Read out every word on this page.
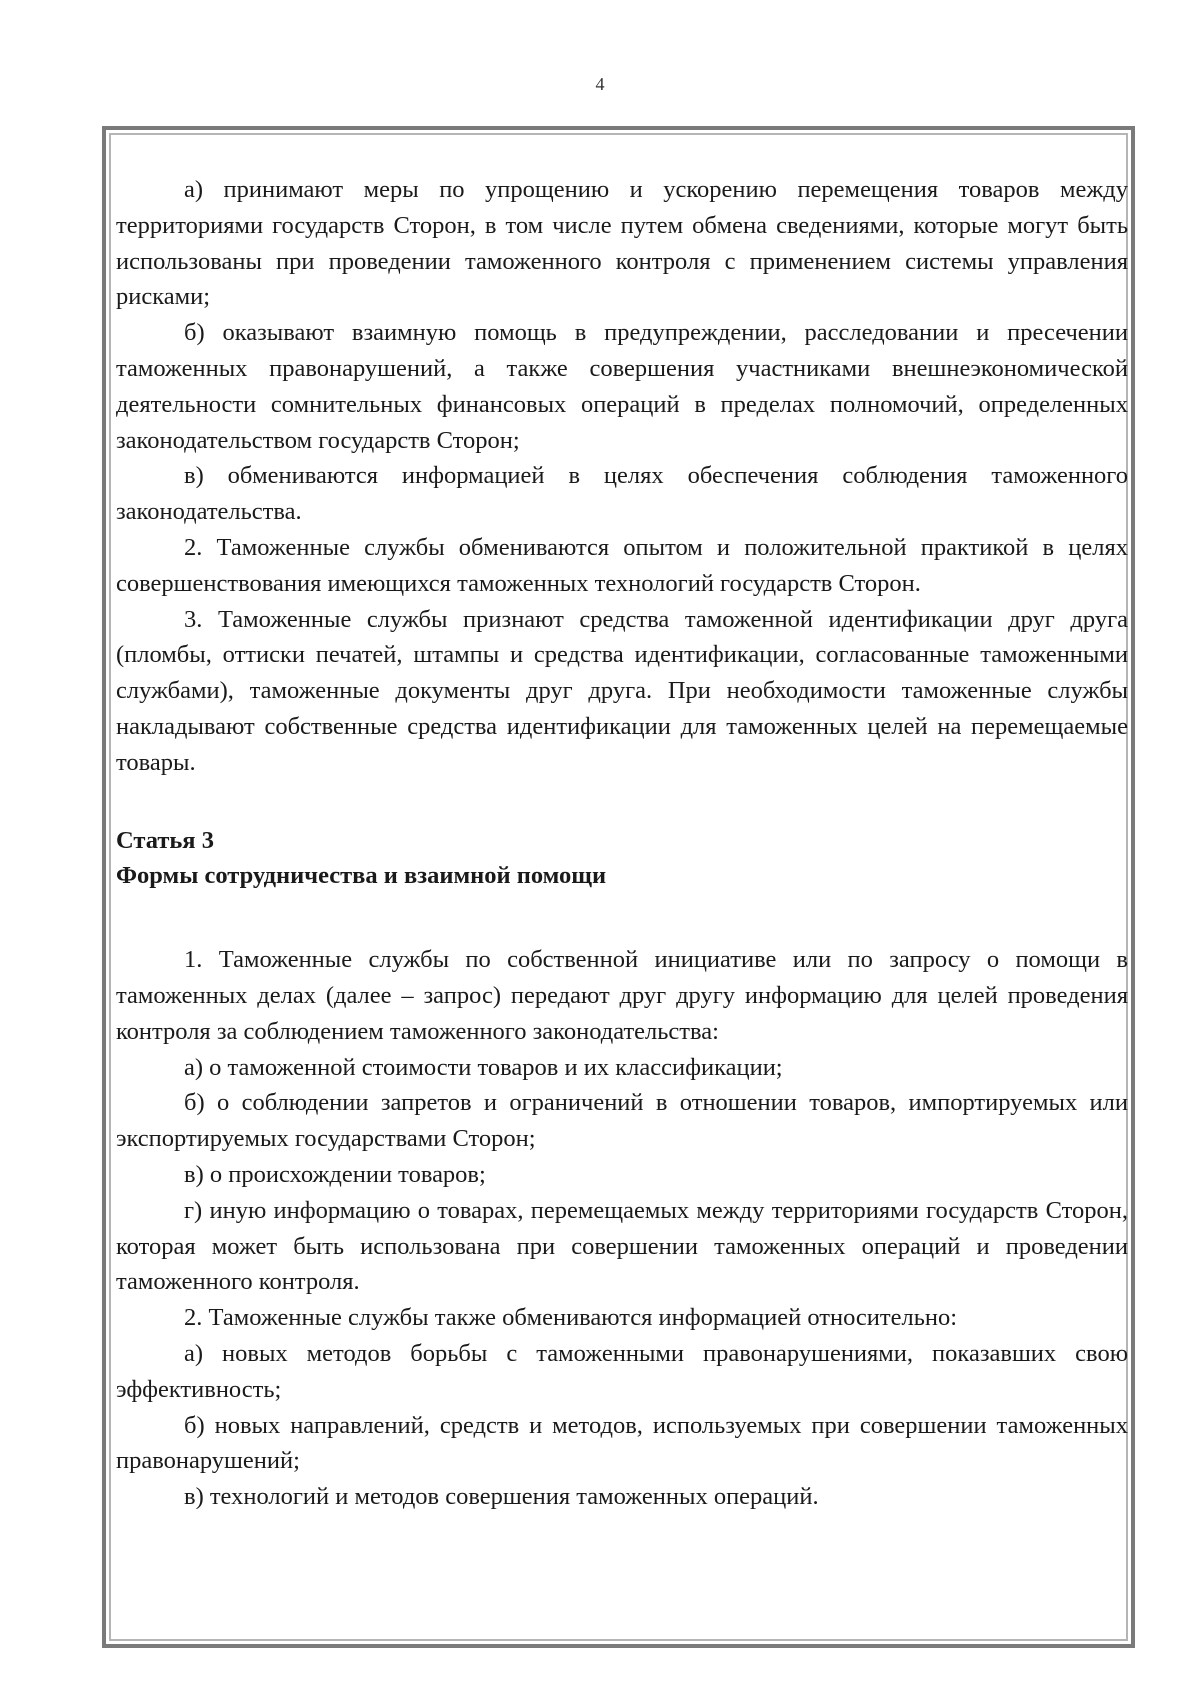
4

а) принимают меры по упрощению и ускорению перемещения товаров между территориями государств Сторон, в том числе путем обмена сведениями, которые могут быть использованы при проведении таможенного контроля с применением системы управления рисками;

б) оказывают взаимную помощь в предупреждении, расследовании и пресечении таможенных правонарушений, а также совершения участниками внешнеэкономической деятельности сомнительных финансовых операций в пределах полномочий, определенных законодательством государств Сторон;

в) обмениваются информацией в целях обеспечения соблюдения таможенного законодательства.

2. Таможенные службы обмениваются опытом и положительной практикой в целях совершенствования имеющихся таможенных технологий государств Сторон.

3. Таможенные службы признают средства таможенной идентификации друг друга (пломбы, оттиски печатей, штампы и средства идентификации, согласованные таможенными службами), таможенные документы друг друга. При необходимости таможенные службы накладывают собственные средства идентификации для таможенных целей на перемещаемые товары.

Статья 3

Формы сотрудничества и взаимной помощи

1. Таможенные службы по собственной инициативе или по запросу о помощи в таможенных делах (далее – запрос) передают друг другу информацию для целей проведения контроля за соблюдением таможенного законодательства:

а) о таможенной стоимости товаров и их классификации;

б) о соблюдении запретов и ограничений в отношении товаров, импортируемых или экспортируемых государствами Сторон;

в) о происхождении товаров;

г) иную информацию о товарах, перемещаемых между территориями государств Сторон, которая может быть использована при совершении таможенных операций и проведении таможенного контроля.

2. Таможенные службы также обмениваются информацией относительно:

а) новых методов борьбы с таможенными правонарушениями, показавших свою эффективность;

б) новых направлений, средств и методов, используемых при совершении таможенных правонарушений;

в) технологий и методов совершения таможенных операций.
